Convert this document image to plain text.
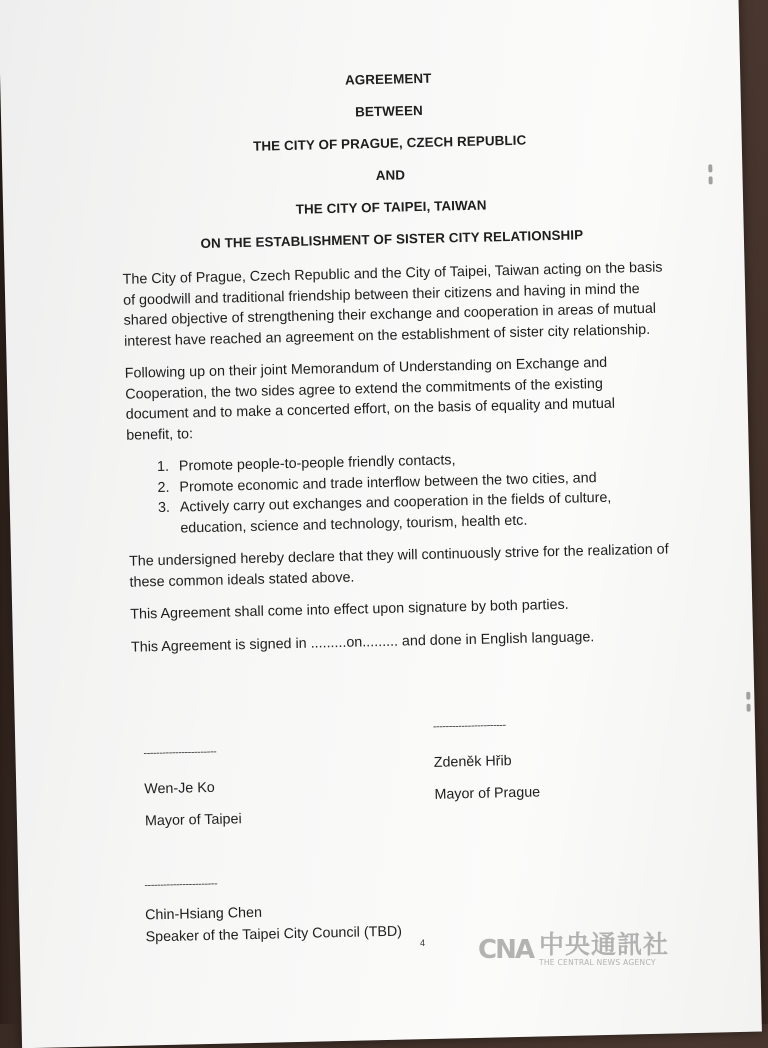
AGREEMENT

BETWEEN

THE CITY OF PRAGUE, CZECH REPUBLIC

AND

THE CITY OF TAIPEI, TAIWAN

ON THE ESTABLISHMENT OF SISTER CITY RELATIONSHIP

The City of Prague, Czech Republic and the City of Taipei, Taiwan acting on the basis of goodwill and traditional friendship between their citizens and having in mind the shared objective of strengthening their exchange and cooperation in areas of mutual interest have reached an agreement on the establishment of sister city relationship.

Following up on their joint Memorandum of Understanding on Exchange and Cooperation, the two sides agree to extend the commitments of the existing document and to make a concerted effort, on the basis of equality and mutual benefit, to:

1. Promote people-to-people friendly contacts,
2. Promote economic and trade interflow between the two cities, and
3. Actively carry out exchanges and cooperation in the fields of culture, education, science and technology, tourism, health etc.

The undersigned hereby declare that they will continuously strive for the realization of these common ideals stated above.

This Agreement shall come into effect upon signature by both parties.

This Agreement is signed in .........on......... and done in English language.

-----------------------
Wen-Je Ko
Mayor of Taipei
-----------------------
Zdeněk Hřib
Mayor of Prague
-----------------------
Chin-Hsiang Chen
Speaker of the Taipei City Council (TBD) 4 CNA 中央通訊社
THE CENTRAL NEWS AGENCY
